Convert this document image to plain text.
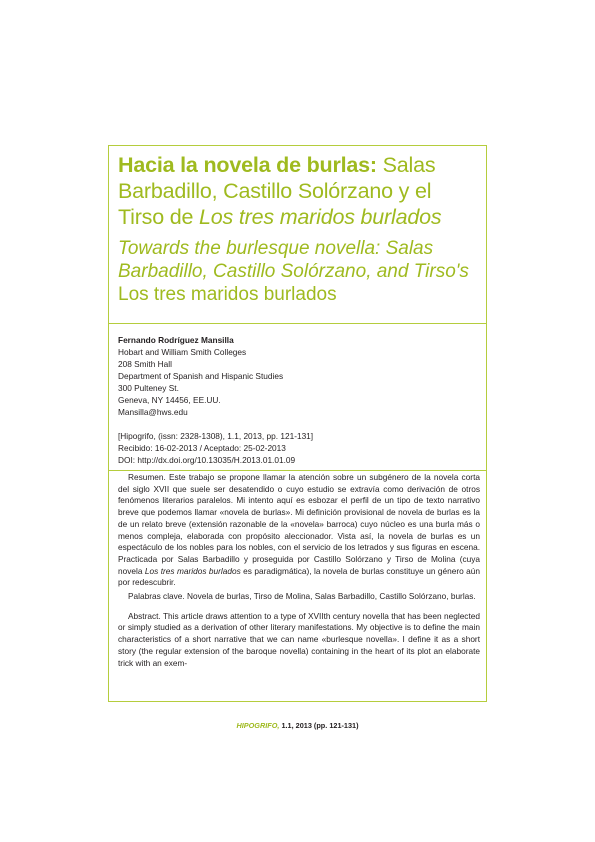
Hacia la novela de burlas: Salas Barbadillo, Castillo Solórzano y el Tirso de Los tres maridos burlados
Towards the burlesque novella: Salas Barbadillo, Castillo Solórzano, and Tirso's Los tres maridos burlados
Fernando Rodríguez Mansilla
Hobart and William Smith Colleges
208 Smith Hall
Department of Spanish and Hispanic Studies
300 Pulteney St.
Geneva, NY 14456, EE.UU.
Mansilla@hws.edu
[Hipogrifo, (issn: 2328-1308), 1.1, 2013, pp. 121-131]
Recibido: 16-02-2013 / Aceptado: 25-02-2013
DOI: http://dx.doi.org/10.13035/H.2013.01.01.09

Resumen. Este trabajo se propone llamar la atención sobre un subgénero de la novela corta del siglo XVII que suele ser desatendido o cuyo estudio se extravía como derivación de otros fenómenos literarios paralelos. Mi intento aquí es esbozar el perfil de un tipo de texto narrativo breve que podemos llamar «novela de burlas». Mi definición provisional de novela de burlas es la de un relato breve (extensión razonable de la «novela» barroca) cuyo núcleo es una burla más o menos compleja, elaborada con propósito aleccionador. Vista así, la novela de burlas es un espectáculo de los nobles para los nobles, con el servicio de los letrados y sus figuras en escena. Practicada por Salas Barbadillo y proseguida por Castillo Solórzano y Tirso de Molina (cuya novela Los tres maridos burlados es paradigmática), la novela de burlas constituye un género aún por redescubrir.

Palabras clave. Novela de burlas, Tirso de Molina, Salas Barbadillo, Castillo Solórzano, burlas.

Abstract. This article draws attention to a type of XVIIth century novella that has been neglected or simply studied as a derivation of other literary manifestations. My objective is to define the main characteristics of a short narrative that we can name «burlesque novella». I define it as a short story (the regular extension of the baroque novella) containing in the heart of its plot an elaborate trick with an exem-

HIPOGRIFO, 1.1, 2013 (pp. 121-131)
